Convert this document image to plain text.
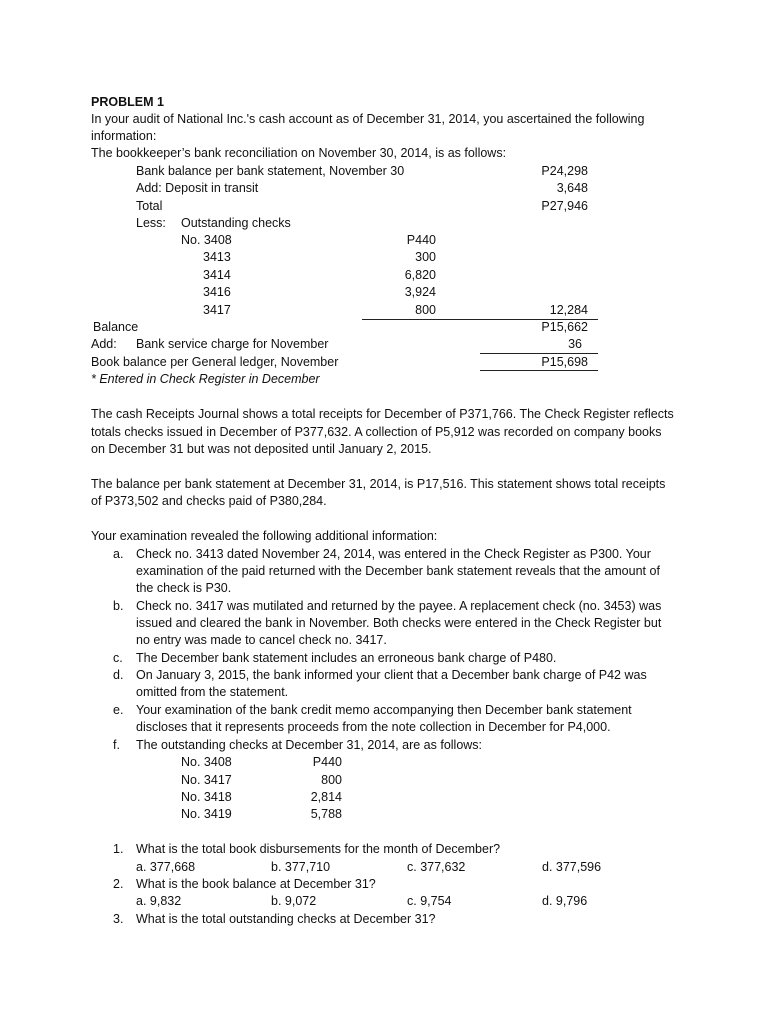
PROBLEM 1
In your audit of National Inc.'s cash account as of December 31, 2014, you ascertained the following
information:
The bookkeeper’s bank reconciliation on November 30, 2014, is as follows:
Bank balance per bank statement, November 30	P24,298
Add: Deposit in transit	3,648
Total	P27,946
Less: Outstanding checks
No. 3408	P440
3413	300
3414	6,820
3416	3,924
3417	800	12,284
Balance	P15,662
Add: Bank service charge for November	36
Book balance per General ledger, November	P15,698
* Entered in Check Register in December
The cash Receipts Journal shows a total receipts for December of P371,766. The Check Register reflects
totals checks issued in December of P377,632. A collection of P5,912 was recorded on company books
on December 31 but was not deposited until January 2, 2015.
The balance per bank statement at December 31, 2014, is P17,516. This statement shows total receipts
of P373,502 and checks paid of P380,284.
Your examination revealed the following additional information:
a. Check no. 3413 dated November 24, 2014, was entered in the Check Register as P300. Your
examination of the paid returned with the December bank statement reveals that the amount of
the check is P30.
b. Check no. 3417 was mutilated and returned by the payee. A replacement check (no. 3453) was
issued and cleared the bank in November. Both checks were entered in the Check Register but
no entry was made to cancel check no. 3417.
c. The December bank statement includes an erroneous bank charge of P480.
d. On January 3, 2015, the bank informed your client that a December bank charge of P42 was
omitted from the statement.
e. Your examination of the bank credit memo accompanying then December bank statement
discloses that it represents proceeds from the note collection in December for P4,000.
f. The outstanding checks at December 31, 2014, are as follows:
No. 3408	P440
No. 3417	800
No. 3418	2,814
No. 3419	5,788
1. What is the total book disbursements for the month of December?
a. 377,668	b. 377,710	c. 377,632	d. 377,596
2. What is the book balance at December 31?
a. 9,832	b. 9,072	c. 9,754	d. 9,796
3. What is the total outstanding checks at December 31?
